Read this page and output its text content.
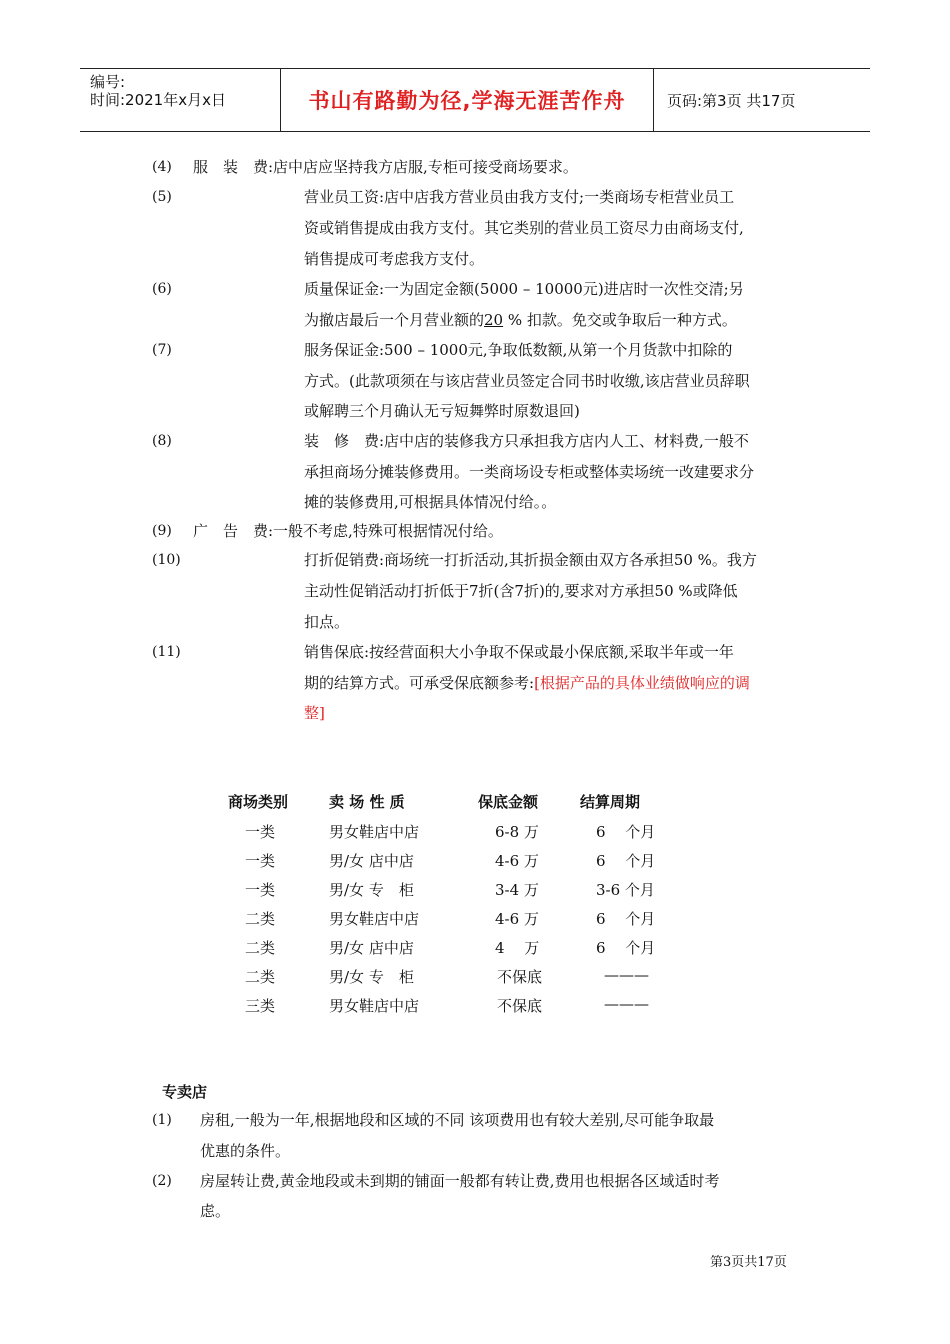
编号:
时间:2021年x月x日	书山有路勤为径,学海无涯苦作舟	页码:第3页 共17页
(4) 服　装　费:店中店应坚持我方店服,专柜可接受商场要求。
(5)	营业员工资:店中店我方营业员由我方支付;一类商场专柜营业员工
资或销售提成由我方支付。其它类别的营业员工资尽力由商场支付,
销售提成可考虑我方支付。
(6)	质量保证金:一为固定金额(5000 – 10000元)进店时一次性交清;另
为撤店最后一个月营业额的20 % 扣款。免交或争取后一种方式。
(7)	服务保证金:500 – 1000元,争取低数额,从第一个月货款中扣除的
方式。(此款项须在与该店营业员签定合同书时收缴,该店营业员辞职
或解聘三个月确认无亏短舞弊时原数退回)
(8)	装　修　费:店中店的装修我方只承担我方店内人工、材料费,一般不
承担商场分摊装修费用。一类商场设专柜或整体卖场统一改建要求分
摊的装修费用,可根据具体情况付给。。
(9) 广　告　费:一般不考虑,特殊可根据情况付给。
(10)	打折促销费:商场统一打折活动,其折损金额由双方各承担50 %。我方
主动性促销活动打折低于7折(含7折)的,要求对方承担50 %或降低
扣点。
(11)	销售保底:按经营面积大小争取不保或最小保底额,采取半年或一年
期的结算方式。可承受保底额参考:[根据产品的具体业绩做响应的调
整]
商场类别	卖 场 性 质	保底金额	结算周期
一类	男女鞋店中店	6-8 万	6　 个月
一类	男/女 店中店	4-6 万	6　 个月
一类	男/女 专　柜	3-4 万	3-6 个月
二类	男女鞋店中店	4-6 万	6　 个月
二类	男/女 店中店	4　 万	6　 个月
二类	男/女 专　柜	不保底	———
三类	男女鞋店中店	不保底	———
专卖店
(1) 房租,一般为一年,根据地段和区域的不同 该项费用也有较大差别,尽可能争取最
优惠的条件。
(2) 房屋转让费,黄金地段或未到期的铺面一般都有转让费,费用也根据各区域适时考
虑。
第3页共17页
